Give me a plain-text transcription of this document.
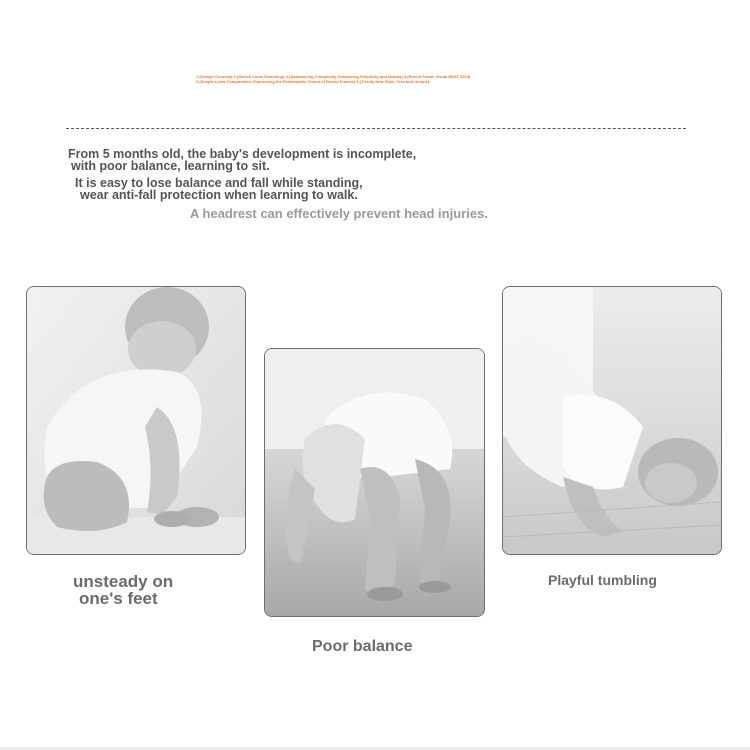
1.(Design Concept) 2.(Sketch Lines Sketching) 3.(Abandoning Complexity, Embracing Simplicity and Beauty) 4.(Round Frame Visual BEAT 2019)
5.(Simple Lines Composition, Expressing the Fashionable Charm of Round Frames) 6.(Trendy New Style, Free and Unique)
From 5 months old, the baby's development is incomplete,
with poor balance, learning to sit.
It is easy to lose balance and fall while standing,
wear anti-fall protection when learning to walk.
A headrest can effectively prevent head injuries.
unsteady on
one's feet
Poor balance
Playful tumbling
